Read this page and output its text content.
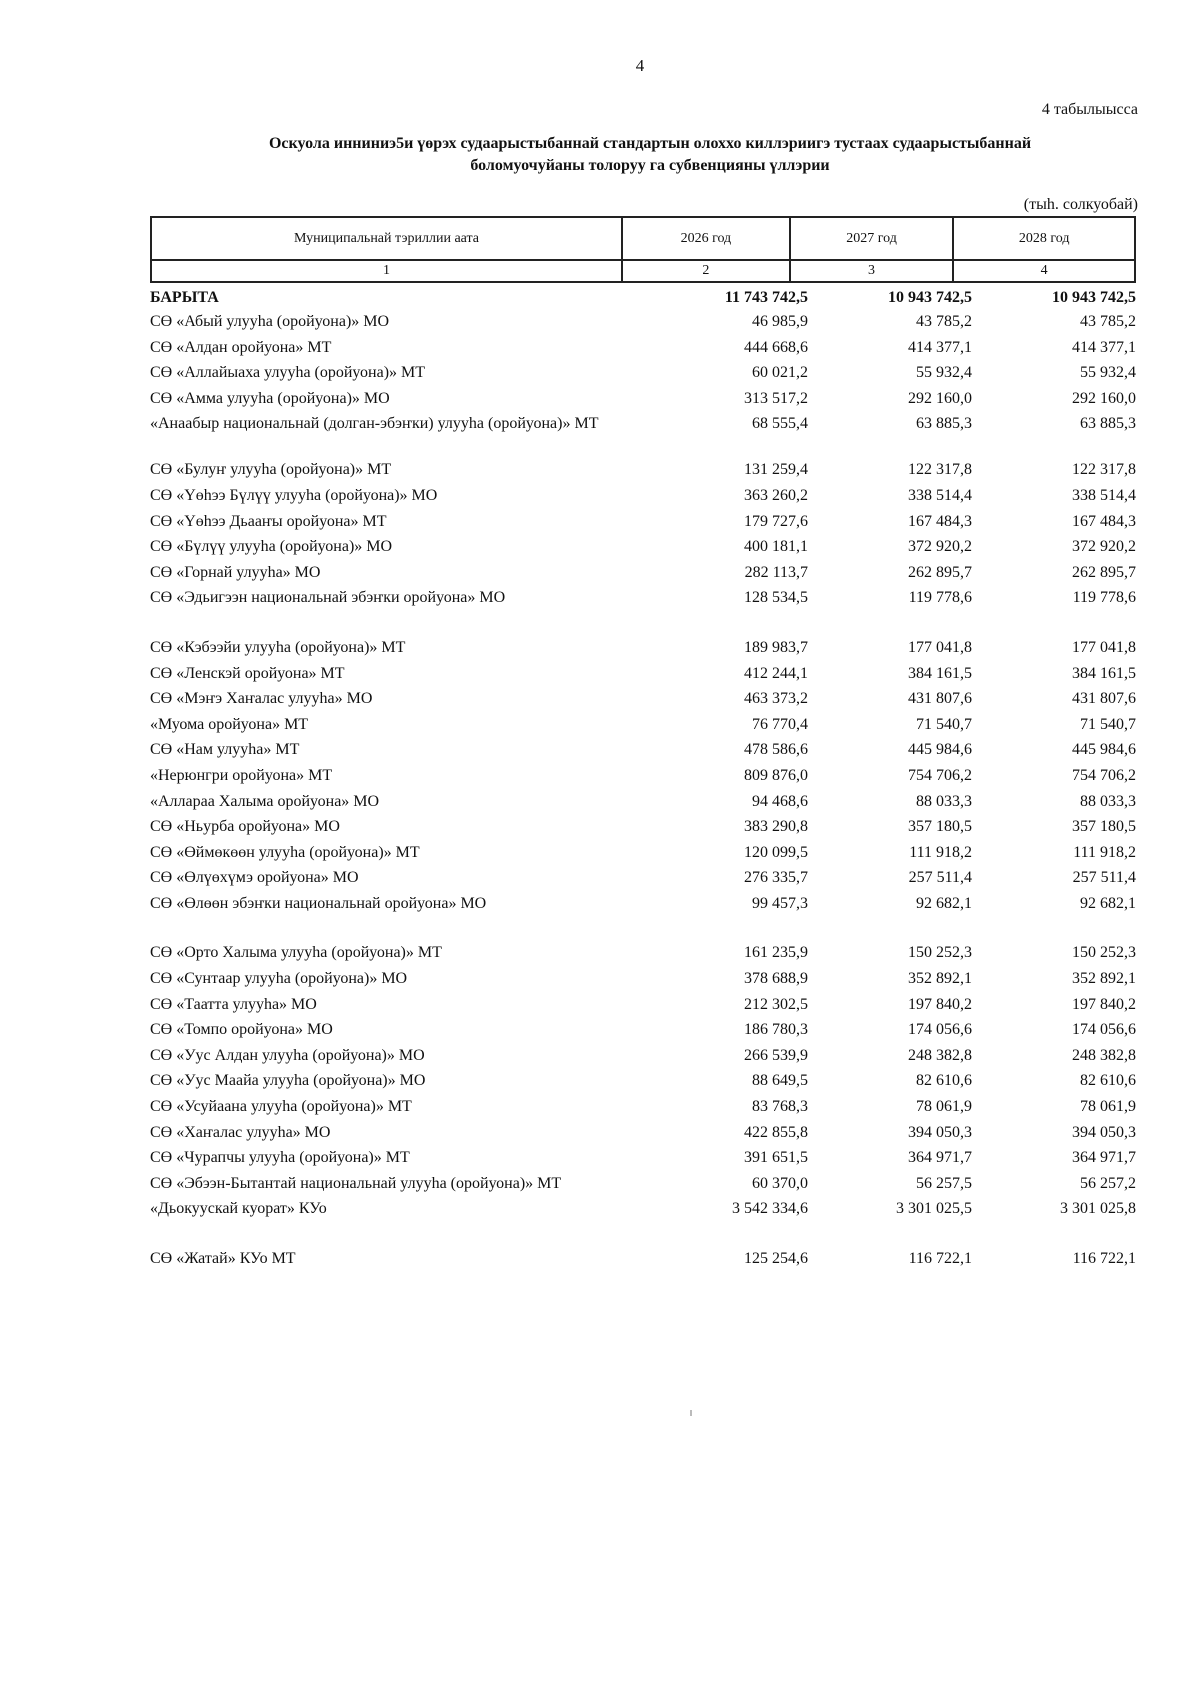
4
4 табылыысса
Оскуола инниниэ5и үөрэх судаарыстыбаннай стандартын олоххо киллэриигэ тустаах судаарыстыбаннай
боломуочуйаны толоруу га субвенцияны үллэрии
(тыһ. солкуобай)
Муниципальнай тэриллии аата	2026 год	2027 год	2028 год
1	2	3	4
БАРЫТА	11 743 742,5	10 943 742,5	10 943 742,5
СӨ «Абый улууһа (оройуона)» МО	46 985,9	43 785,2	43 785,2
СӨ «Алдан оройуона» МТ	444 668,6	414 377,1	414 377,1
СӨ «Аллайыаха улууһа (оройуона)» МТ	60 021,2	55 932,4	55 932,4
СӨ «Амма улууһа (оройуона)» МО	313 517,2	292 160,0	292 160,0
«Анаабыр национальнай (долган-эбэҥки) улууһа (оройуона)» МТ	68 555,4	63 885,3	63 885,3
СӨ «Булуҥ улууһа (оройуона)» МТ	131 259,4	122 317,8	122 317,8
СӨ «Үөһээ Бүлүү улууһа (оройуона)» МО	363 260,2	338 514,4	338 514,4
СӨ «Үөһээ Дьааҥы оройуона» МТ	179 727,6	167 484,3	167 484,3
СӨ «Бүлүү улууһа (оройуона)» МО	400 181,1	372 920,2	372 920,2
СӨ «Горнай улууһа» МО	282 113,7	262 895,7	262 895,7
СӨ «Эдьигээн национальнай эбэҥки оройуона» МО	128 534,5	119 778,6	119 778,6
СӨ «Кэбээйи улууһа (оройуона)» МТ	189 983,7	177 041,8	177 041,8
СӨ «Ленскэй оройуона» МТ	412 244,1	384 161,5	384 161,5
СӨ «Мэҥэ Хаҥалас улууһа» МО	463 373,2	431 807,6	431 807,6
«Муома оройуона» МТ	76 770,4	71 540,7	71 540,7
СӨ «Нам улууһа» МТ	478 586,6	445 984,6	445 984,6
«Нерюнгри оройуона» МТ	809 876,0	754 706,2	754 706,2
«Аллараа Халыма оройуона» МО	94 468,6	88 033,3	88 033,3
СӨ «Ньурба оройуона» МО	383 290,8	357 180,5	357 180,5
СӨ «Өймөкөөн улууһа (оройуона)» МТ	120 099,5	111 918,2	111 918,2
СӨ «Өлүөхүмэ оройуона» МО	276 335,7	257 511,4	257 511,4
СӨ «Өлөөн эбэҥки национальнай оройуона» МО	99 457,3	92 682,1	92 682,1
СӨ «Орто Халыма улууһа (оройуона)» МТ	161 235,9	150 252,3	150 252,3
СӨ «Сунтаар улууһа (оройуона)» МО	378 688,9	352 892,1	352 892,1
СӨ «Таатта улууһа» МО	212 302,5	197 840,2	197 840,2
СӨ «Томпо оройуона» МО	186 780,3	174 056,6	174 056,6
СӨ «Уус Алдан улууһа (оройуона)» МО	266 539,9	248 382,8	248 382,8
СӨ «Уус Маайа улууһа (оройуона)» МО	88 649,5	82 610,6	82 610,6
СӨ «Усуйаана улууһа (оройуона)» МТ	83 768,3	78 061,9	78 061,9
СӨ «Хаҥалас улууһа» МО	422 855,8	394 050,3	394 050,3
СӨ «Чурапчы улууһа (оройуона)» МТ	391 651,5	364 971,7	364 971,7
СӨ «Эбээн-Бытантай национальнай улууһа (оройуона)» МТ	60 370,0	56 257,5	56 257,2
«Дьокуускай куорат» КУо	3 542 334,6	3 301 025,5	3 301 025,8
СӨ «Жатай» КУо МТ	125 254,6	116 722,1	116 722,1
